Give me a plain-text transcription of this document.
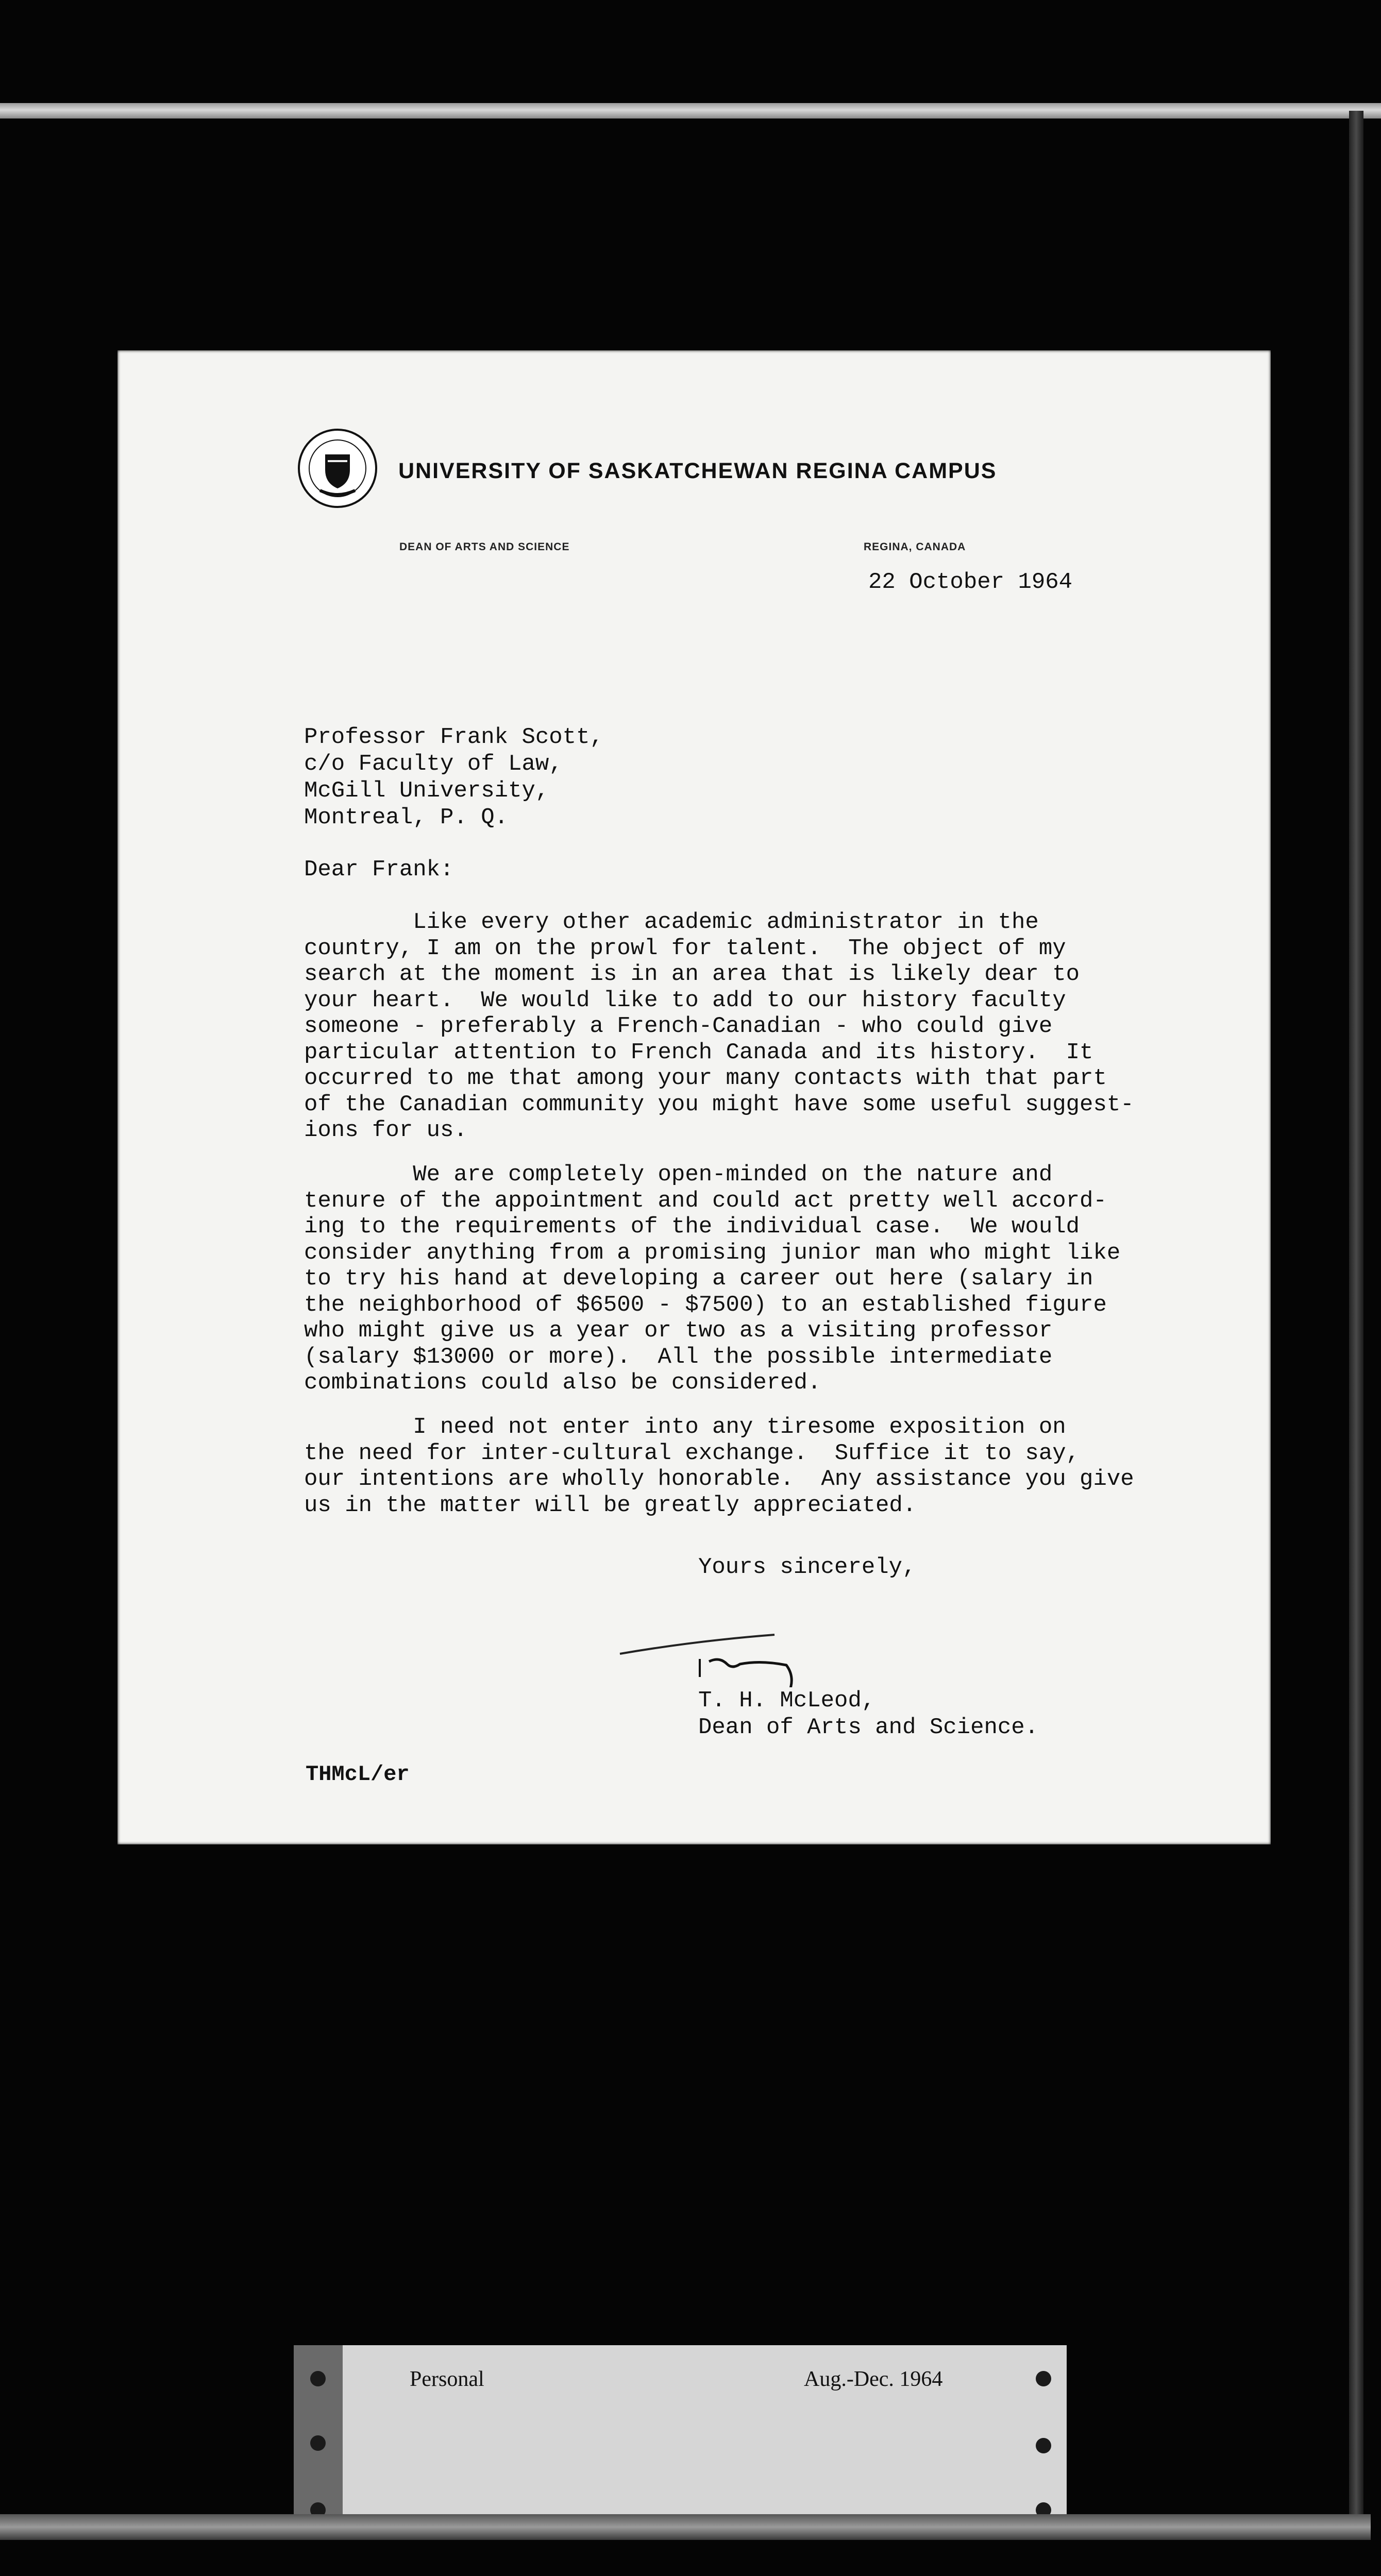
UNIVERSITY OF SASKATCHEWAN REGINA CAMPUS
DEAN OF ARTS AND SCIENCE	REGINA, CANADA
22 October 1964
Professor Frank Scott,
c/o Faculty of Law,
McGill University,
Montreal, P. Q.
Dear Frank:
Like every other academic administrator in the
country, I am on the prowl for talent.  The object of my
search at the moment is in an area that is likely dear to
your heart.  We would like to add to our history faculty
someone - preferably a French-Canadian - who could give
particular attention to French Canada and its history.  It
occurred to me that among your many contacts with that part
of the Canadian community you might have some useful suggest-
ions for us.
We are completely open-minded on the nature and
tenure of the appointment and could act pretty well accord-
ing to the requirements of the individual case.  We would
consider anything from a promising junior man who might like
to try his hand at developing a career out here (salary in
the neighborhood of $6500 - $7500) to an established figure
who might give us a year or two as a visiting professor
(salary $13000 or more).  All the possible intermediate
combinations could also be considered.
I need not enter into any tiresome exposition on
the need for inter-cultural exchange.  Suffice it to say,
our intentions are wholly honorable.  Any assistance you give
us in the matter will be greatly appreciated.
Yours sincerely,
T. H. McLeod,
Dean of Arts and Science.
THMcL/er
Personal	Aug.-Dec. 1964
